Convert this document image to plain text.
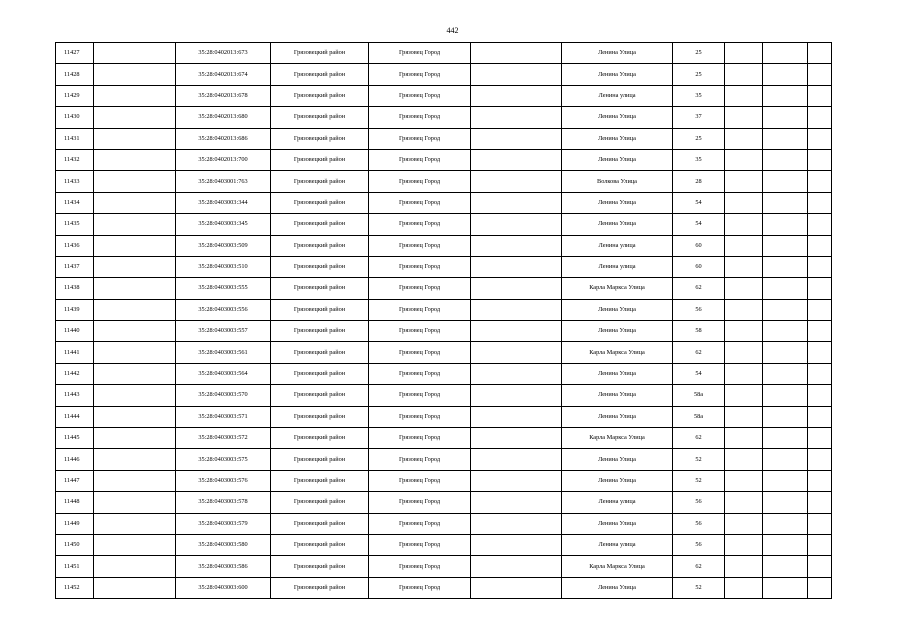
442
11427		35:28:0402013:673	Грязовецкий район	Грязовец Город		Ленина Улица	25			
11428		35:28:0402013:674	Грязовецкий район	Грязовец Город		Ленина Улица	25			
11429		35:28:0402013:678	Грязовецкий район	Грязовец Город		Ленина улица	35			
11430		35:28:0402013:680	Грязовецкий район	Грязовец Город		Ленина Улица	37			
11431		35:28:0402013:686	Грязовецкий район	Грязовец Город		Ленина Улица	25			
11432		35:28:0402013:700	Грязовецкий район	Грязовец Город		Ленина Улица	35			
11433		35:28:0403001:763	Грязовецкий район	Грязовец Город		Волкова Улица	28			
11434		35:28:0403003:344	Грязовецкий район	Грязовец Город		Ленина Улица	54			
11435		35:28:0403003:345	Грязовецкий район	Грязовец Город		Ленина Улица	54			
11436		35:28:0403003:509	Грязовецкий район	Грязовец Город		Ленина улица	60			
11437		35:28:0403003:510	Грязовецкий район	Грязовец Город		Ленина улица	60			
11438		35:28:0403003:555	Грязовецкий район	Грязовец Город		Карла Маркса Улица	62			
11439		35:28:0403003:556	Грязовецкий район	Грязовец Город		Ленина Улица	56			
11440		35:28:0403003:557	Грязовецкий район	Грязовец Город		Ленина Улица	58			
11441		35:28:0403003:561	Грязовецкий район	Грязовец Город		Карла Маркса Улица	62			
11442		35:28:0403003:564	Грязовецкий район	Грязовец Город		Ленина Улица	54			
11443		35:28:0403003:570	Грязовецкий район	Грязовец Город		Ленина Улица	58а			
11444		35:28:0403003:571	Грязовецкий район	Грязовец Город		Ленина Улица	58а			
11445		35:28:0403003:572	Грязовецкий район	Грязовец Город		Карла Маркса Улица	62			
11446		35:28:0403003:575	Грязовецкий район	Грязовец Город		Ленина Улица	52			
11447		35:28:0403003:576	Грязовецкий район	Грязовец Город		Ленина Улица	52			
11448		35:28:0403003:578	Грязовецкий район	Грязовец Город		Ленина улица	56			
11449		35:28:0403003:579	Грязовецкий район	Грязовец Город		Ленина Улица	56			
11450		35:28:0403003:580	Грязовецкий район	Грязовец Город		Ленина улица	56			
11451		35:28:0403003:586	Грязовецкий район	Грязовец Город		Карла Маркса Улица	62			
11452		35:28:0403003:600	Грязовецкий район	Грязовец Город		Ленина Улица	52			
